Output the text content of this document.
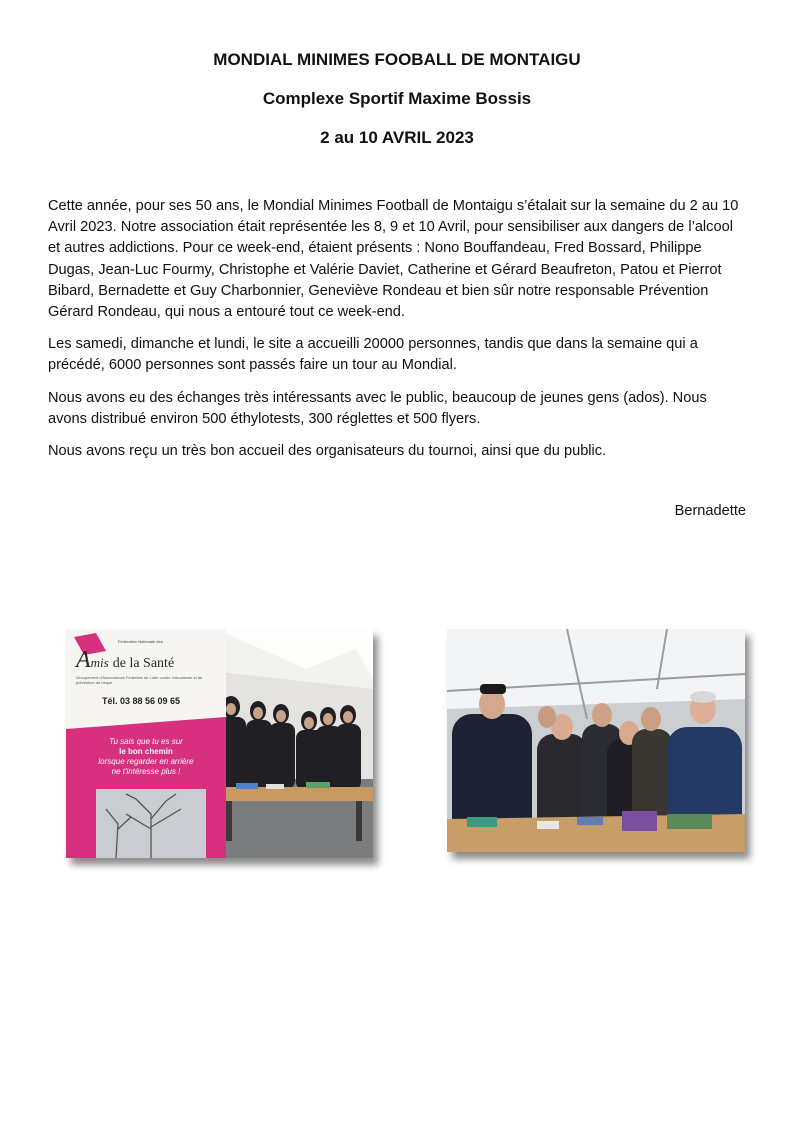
MONDIAL MINIMES FOOBALL DE MONTAIGU
Complexe Sportif Maxime Bossis
2 au 10 AVRIL 2023

Cette année, pour ses 50 ans, le Mondial Minimes Football de Montaigu s’étalait sur la semaine du 2 au 10 Avril 2023. Notre association était représentée les 8, 9 et 10 Avril, pour sensibiliser aux dangers de l’alcool et autres addictions. Pour ce week-end, étaient présents : Nono Bouffandeau, Fred Bossard, Philippe Dugas, Jean-Luc Fourmy, Christophe et Valérie Daviet, Catherine et Gérard Beaufreton, Patou et Pierrot Bibard, Bernadette et Guy Charbonnier, Geneviève Rondeau et bien sûr notre responsable Prévention Gérard Rondeau, qui nous a entouré tout ce week-end.

Les samedi, dimanche et lundi, le site a accueilli 20000 personnes, tandis que dans la semaine qui a précédé, 6000 personnes sont passés faire un tour au Mondial.

Nous avons eu des échanges très intéressants avec le public, beaucoup de jeunes gens (ados). Nous avons distribué environ 500 éthylotests, 300 réglettes et 500 flyers.

Nous avons reçu un très bon accueil des organisateurs du tournoi, ainsi que du public.

Bernadette
Fédération Nationale des
Amis de la Santé
Groupement d'Associations Fédérées de Lutte contre l'alcoolisme et de prévention du risque
Tél. 03 88 56 09 65
Tu sais que tu es sur
le bon chemin
lorsque regarder en arrière
ne t'intéresse plus !
